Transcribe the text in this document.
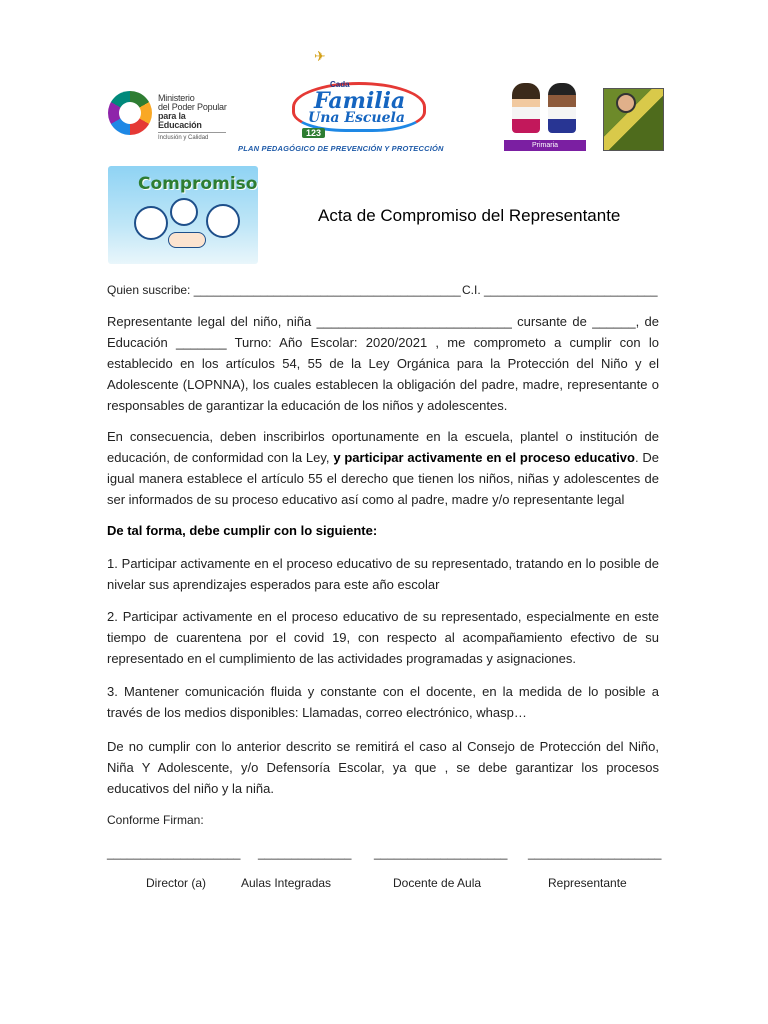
Ministerio
del Poder Popular
para la Educación
Inclusión y Calidad
✈
Cada
Familia
Una Escuela
123
PLAN PEDAGÓGICO DE PREVENCIÓN Y PROTECCIÓN	Primaria
Compromiso
Acta de Compromiso del Representante
Quien suscribe: ________________________________________ C.I. __________________________
Representante legal del niño, niña ___________________________ cursante de ______, de Educación _______ Turno: Año Escolar: 2020/2021 , me comprometo a cumplir con lo establecido en los artículos 54, 55 de la Ley Orgánica para la Protección del Niño y el Adolescente (LOPNNA), los cuales establecen la obligación del padre, madre, representante o responsables de garantizar la educación de los niños y adolescentes.
En consecuencia, deben inscribirlos oportunamente en la escuela, plantel o institución de educación, de conformidad con la Ley, y participar activamente en el proceso educativo. De igual manera establece el artículo 55 el derecho que tienen los niños, niñas y adolescentes de ser informados de su proceso educativo así como al padre, madre y/o representante legal
De tal forma, debe cumplir con lo siguiente:
1. Participar activamente en el proceso educativo de su representado, tratando en lo posible de nivelar sus aprendizajes esperados para este año escolar
2. Participar activamente en el proceso educativo de su representado, especialmente en este tiempo de cuarentena por el covid 19, con respecto al acompañamiento efectivo de su representado en el cumplimiento de las actividades programadas y asignaciones.
3. Mantener comunicación fluida y constante con el docente, en la medida de lo posible a través de los medios disponibles: Llamadas, correo electrónico, whasp…
De no cumplir con lo anterior descrito se remitirá el caso al Consejo de Protección del Niño, Niña Y Adolescente, y/o Defensoría Escolar, ya que , se debe garantizar los procesos educativos del niño y la niña.
Conforme Firman:
____________________ ______________ ____________________ ____________________
Director (a)	Aulas Integradas	Docente de Aula	Representante
